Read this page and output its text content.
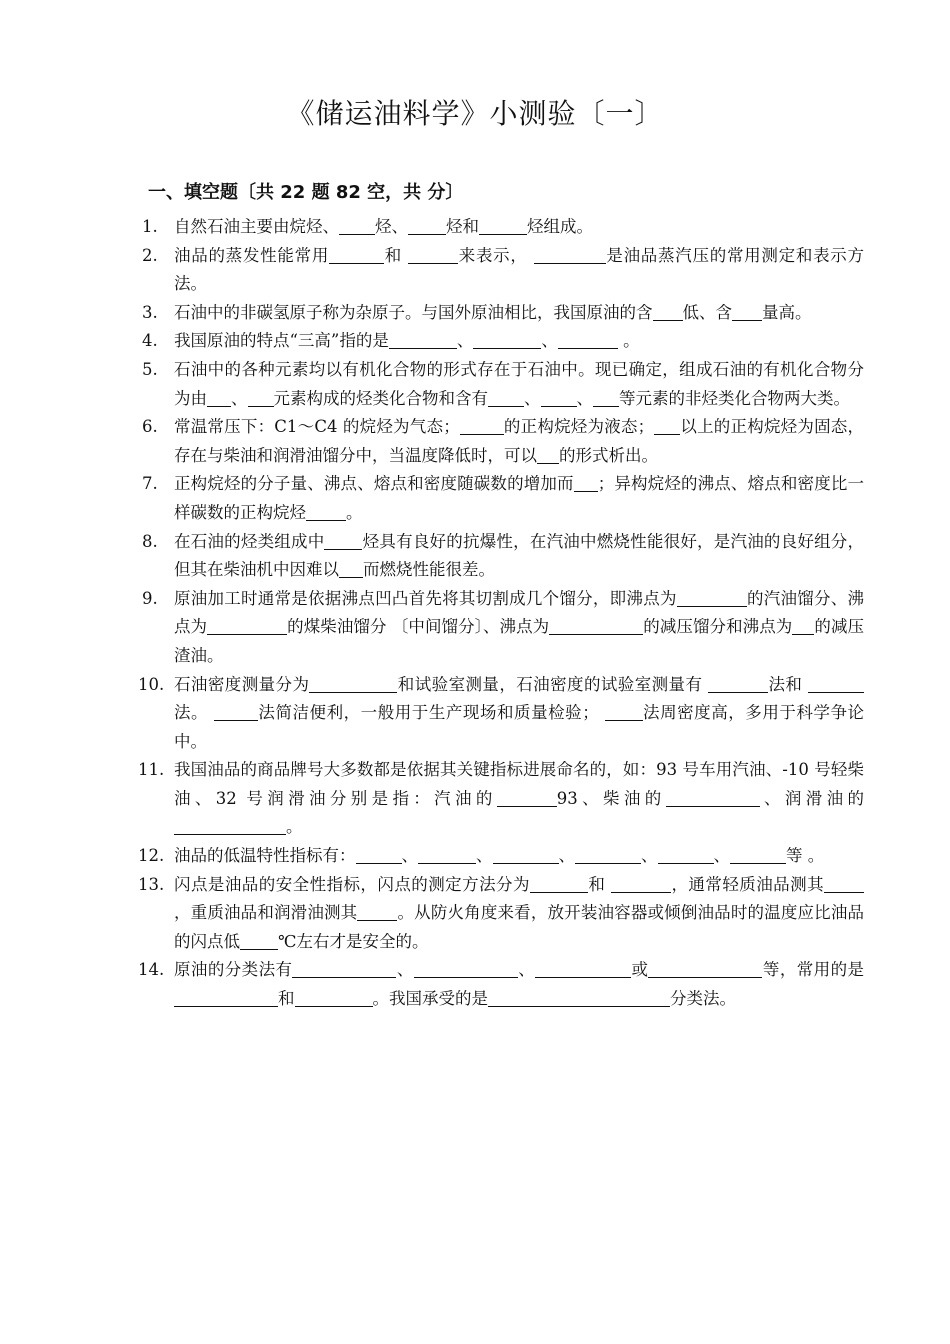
《储运油料学》小测验〔一〕
一、填空题〔共 22 题 82 空，共 分〕
1. 自然石油主要由烷烃、 烃、 烃和	烃组成。
2. 油品的蒸发性能常用	和	来表示，	是油品蒸汽压的常用测定和表示方法。
3. 石油中的非碳氢原子称为杂原子。与国外原油相比，我国原油的含 低、含 量高。
4. 我国原油的特点“三高”指的是	、	、	。
5. 石油中的各种元素均以有机化合物的形式存在于石油中。现已确定，组成石油的有机化合物分为由 、 元素构成的烃类化合物和含有 、 、 等元素的非烃类化合物两大类。
6. 常温常压下：C1～C4 的烷烃为气态；	的正构烷烃为液态； 以上的正构烷烃为固态，存在与柴油和润滑油馏分中，当温度降低时，可以 的形式析出。
7. 正构烷烃的分子量、沸点、熔点和密度随碳数的增加而 ；异构烷烃的沸点、熔点和密度比一样碳数的正构烷烃 。
8. 在石油的烃类组成中 烃具有良好的抗爆性，在汽油中燃烧性能很好，是汽油的良好组分，但其在柴油机中因难以 而燃烧性能很差。
9. 原油加工时通常是依据沸点凹凸首先将其切割成几个馏分，即沸点为	的汽油馏分、沸点为	的煤柴油馏分 〔中间馏分〕、沸点为	的减压馏分和沸点为 的减压渣油。
10. 石油密度测量分为	和试验室测量，石油密度的试验室测量有	法和 法。	法简洁便利，一般用于生产现场和质量检验；	法周密度高，多用于科学争论中。
11. 我国油品的商品牌号大多数都是依据其关键指标进展命名的，如：93 号车用汽油、-10 号轻柴油、32 号润滑油分别是指：汽油的	93、柴油的	、润滑油的。
12. 油品的低温特性指标有：	、	、	、	、	、	等 。
13. 闪点是油品的安全性指标，闪点的测定方法分为	和	，通常轻质油品测其，重质油品和润滑油测其 。从防火角度来看，放开装油容器或倾倒油品时的温度应比油品的闪点低 ℃左右才是安全的。
14. 原油的分类法有	、	、	或	等，常用的是和	。我国承受的是	分类法。
